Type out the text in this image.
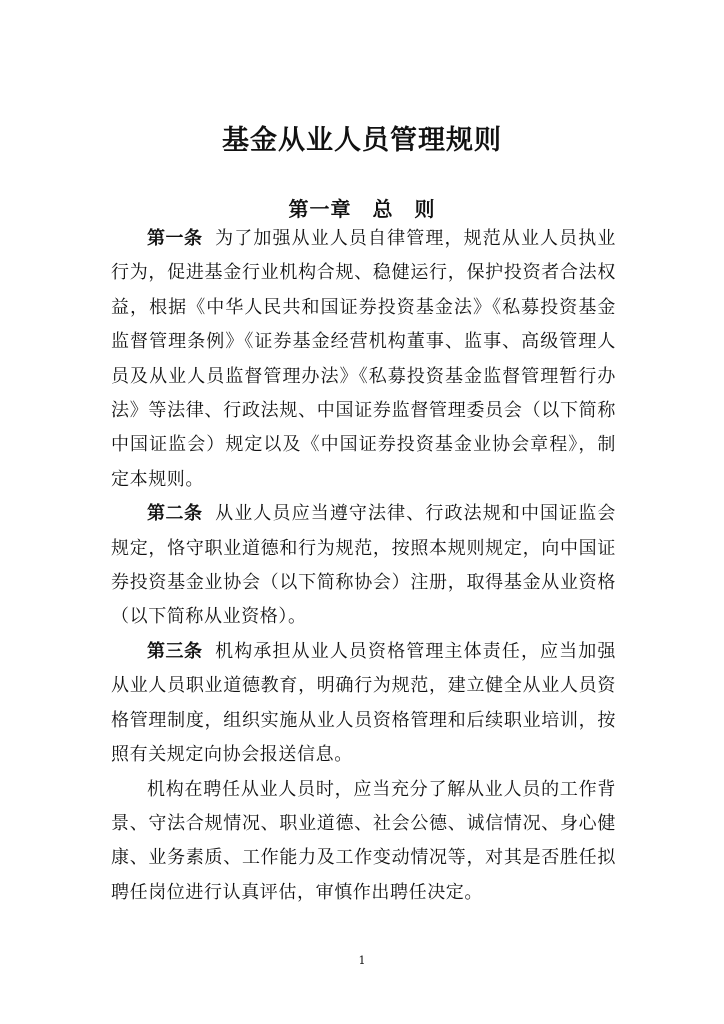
基金从业人员管理规则
第一章　总　则

第一条 为了加强从业人员自律管理，规范从业人员执业行为，促进基金行业机构合规、稳健运行，保护投资者合法权益，根据《中华人民共和国证券投资基金法》《私募投资基金监督管理条例》《证券基金经营机构董事、监事、高级管理人员及从业人员监督管理办法》《私募投资基金监督管理暂行办法》等法律、行政法规、中国证券监督管理委员会（以下简称中国证监会）规定以及《中国证券投资基金业协会章程》，制定本规则。

第二条 从业人员应当遵守法律、行政法规和中国证监会规定，恪守职业道德和行为规范，按照本规则规定，向中国证券投资基金业协会（以下简称协会）注册，取得基金从业资格（以下简称从业资格）。

第三条 机构承担从业人员资格管理主体责任，应当加强从业人员职业道德教育，明确行为规范，建立健全从业人员资格管理制度，组织实施从业人员资格管理和后续职业培训，按照有关规定向协会报送信息。

机构在聘任从业人员时，应当充分了解从业人员的工作背景、守法合规情况、职业道德、社会公德、诚信情况、身心健康、业务素质、工作能力及工作变动情况等，对其是否胜任拟聘任岗位进行认真评估，审慎作出聘任决定。

1
